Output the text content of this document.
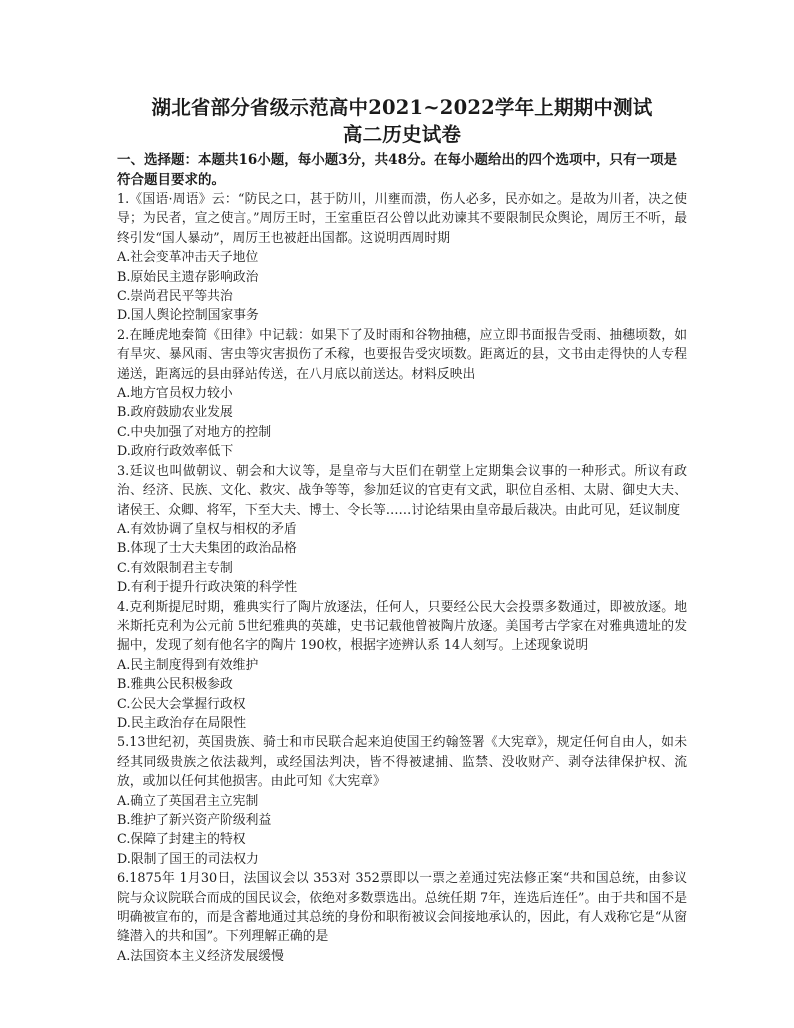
湖北省部分省级示范高中2021~2022学年上期期中测试
高二历史试卷
一、选择题：本题共16小题，每小题3分，共48分。在每小题给出的四个选项中，只有一项是符合题目要求的。
1.《国语·周语》云：“防民之口，甚于防川，川壅而溃，伤人必多，民亦如之。是故为川者，决之使导；为民者，宣之使言。”周厉王时，王室重臣召公曾以此劝谏其不要限制民众舆论，周厉王不听，最终引发“国人暴动”，周厉王也被赶出国都。这说明西周时期
A.社会变革冲击天子地位
B.原始民主遗存影响政治
C.崇尚君民平等共治
D.国人舆论控制国家事务
2.在睡虎地秦简《田律》中记载：如果下了及时雨和谷物抽穗，应立即书面报告受雨、抽穗顷数，如有旱灾、暴风雨、害虫等灾害损伤了禾稼，也要报告受灾顷数。距离近的县，文书由走得快的人专程递送，距离远的县由驿站传送，在八月底以前送达。材料反映出
A.地方官员权力较小
B.政府鼓励农业发展
C.中央加强了对地方的控制
D.政府行政效率低下
3.廷议也叫做朝议、朝会和大议等，是皇帝与大臣们在朝堂上定期集会议事的一种形式。所议有政治、经济、民族、文化、救灾、战争等等，参加廷议的官吏有文武，职位自丞相、太尉、御史大夫、诸侯王、众卿、将军，下至大夫、博士、令长等……讨论结果由皇帝最后裁决。由此可见，廷议制度
A.有效协调了皇权与相权的矛盾
B.体现了士大夫集团的政治品格
C.有效限制君主专制
D.有利于提升行政决策的科学性
4.克利斯提尼时期，雅典实行了陶片放逐法，任何人，只要经公民大会投票多数通过，即被放逐。地米斯托克利为公元前 5世纪雅典的英雄，史书记载他曾被陶片放逐。美国考古学家在对雅典遗址的发掘中，发现了刻有他名字的陶片 190枚，根据字迹辨认系 14人刻写。上述现象说明
A.民主制度得到有效维护
B.雅典公民积极参政
C.公民大会掌握行政权
D.民主政治存在局限性
5.13世纪初，英国贵族、骑士和市民联合起来迫使国王约翰签署《大宪章》，规定任何自由人，如未经其同级贵族之依法裁判，或经国法判决，皆不得被逮捕、监禁、没收财产、剥夺法律保护权、流放，或加以任何其他损害。由此可知《大宪章》
A.确立了英国君主立宪制
B.维护了新兴资产阶级利益
C.保障了封建主的特权
D.限制了国王的司法权力
6.1875年 1月30日，法国议会以 353对 352票即以一票之差通过宪法修正案“共和国总统，由参议院与众议院联合而成的国民议会，依绝对多数票选出。总统任期 7年，连选后连任”。由于共和国不是明确被宣布的，而是含蓄地通过其总统的身份和职衔被议会间接地承认的，因此，有人戏称它是“从窗缝潜入的共和国”。下列理解正确的是
A.法国资本主义经济发展缓慢
